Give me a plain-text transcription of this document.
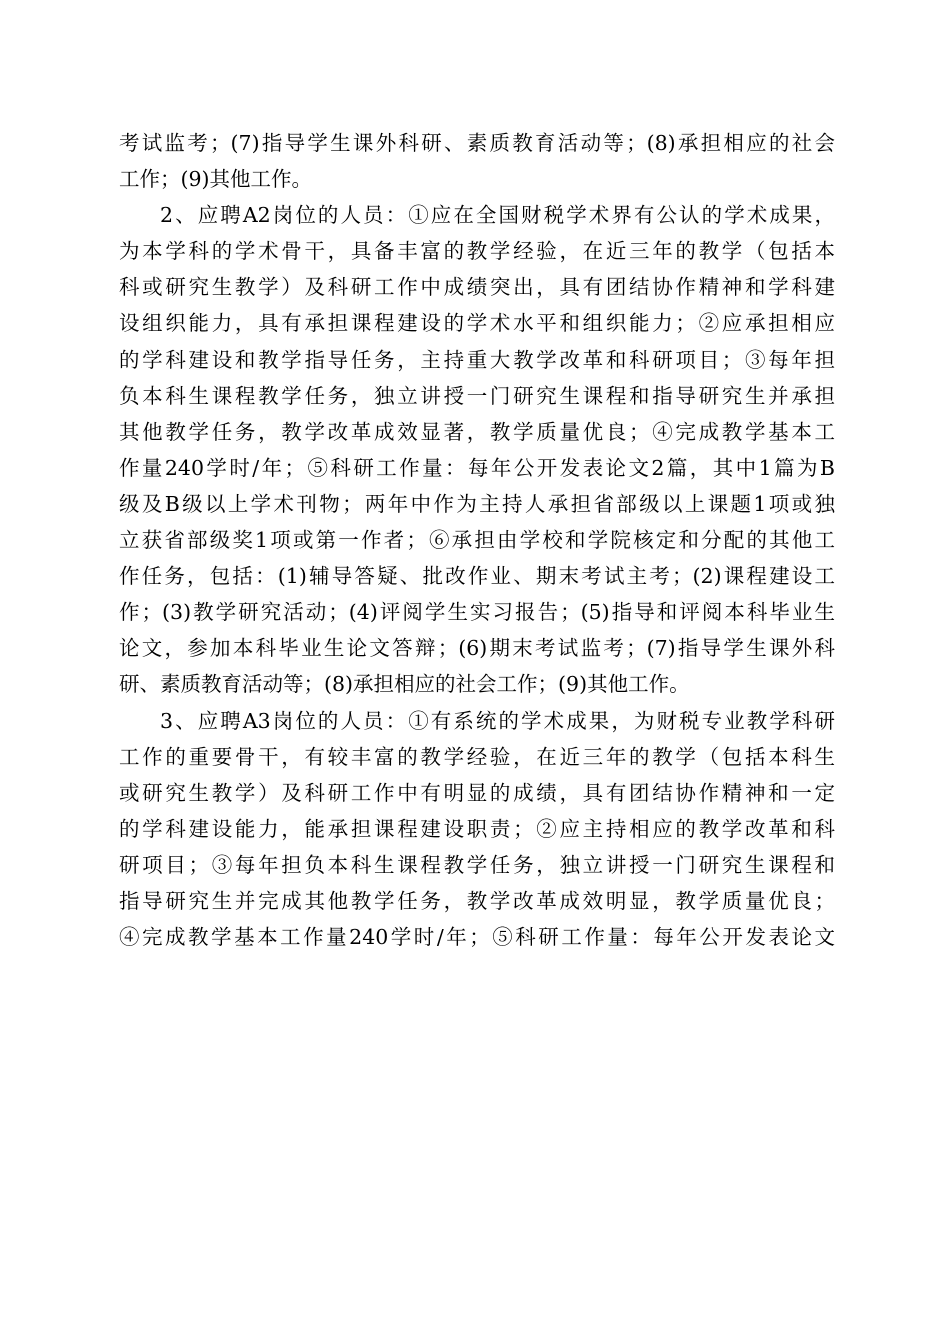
考试监考；(7)指导学生课外科研、素质教育活动等；(8)承担相应的社会
工作；(9)其他工作。
2、应聘A2岗位的人员：①应在全国财税学术界有公认的学术成果，
为本学科的学术骨干，具备丰富的教学经验，在近三年的教学（包括本
科或研究生教学）及科研工作中成绩突出，具有团结协作精神和学科建
设组织能力，具有承担课程建设的学术水平和组织能力；②应承担相应
的学科建设和教学指导任务，主持重大教学改革和科研项目；③每年担
负本科生课程教学任务，独立讲授一门研究生课程和指导研究生并承担
其他教学任务，教学改革成效显著，教学质量优良；④完成教学基本工
作量240学时/年；⑤科研工作量：每年公开发表论文2篇，其中1篇为B
级及B级以上学术刊物；两年中作为主持人承担省部级以上课题1项或独
立获省部级奖1项或第一作者；⑥承担由学校和学院核定和分配的其他工
作任务，包括：(1)辅导答疑、批改作业、期末考试主考；(2)课程建设工
作；(3)教学研究活动；(4)评阅学生实习报告；(5)指导和评阅本科毕业生
论文，参加本科毕业生论文答辩；(6)期末考试监考；(7)指导学生课外科
研、素质教育活动等；(8)承担相应的社会工作；(9)其他工作。
3、应聘A3岗位的人员：①有系统的学术成果，为财税专业教学科研
工作的重要骨干，有较丰富的教学经验，在近三年的教学（包括本科生
或研究生教学）及科研工作中有明显的成绩，具有团结协作精神和一定
的学科建设能力，能承担课程建设职责；②应主持相应的教学改革和科
研项目；③每年担负本科生课程教学任务，独立讲授一门研究生课程和
指导研究生并完成其他教学任务，教学改革成效明显，教学质量优良；
④完成教学基本工作量240学时/年；⑤科研工作量：每年公开发表论文
